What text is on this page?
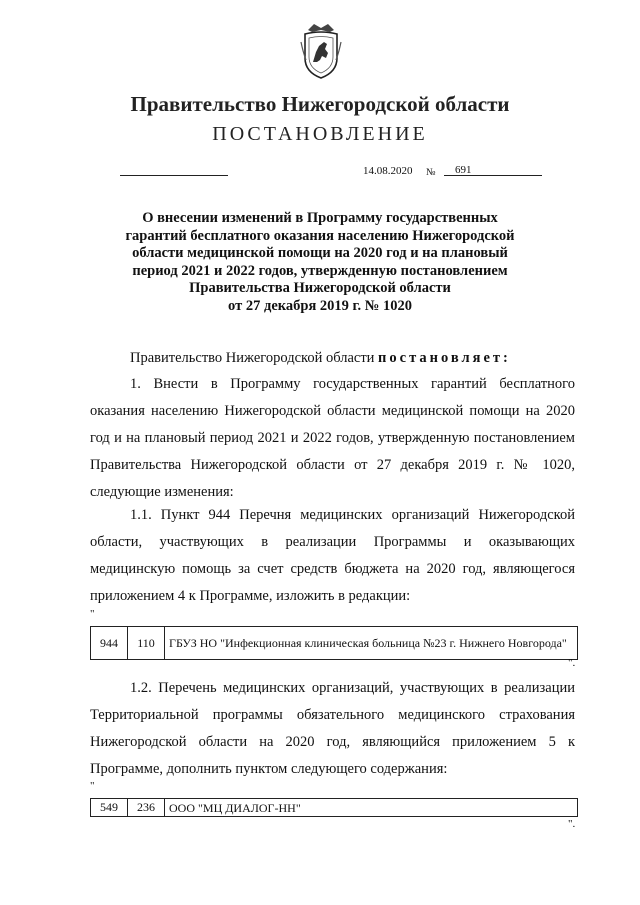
Правительство Нижегородской области
ПОСТАНОВЛЕНИЕ
14.08.2020 № 691
О внесении изменений в Программу государственных
гарантий бесплатного оказания населению Нижегородской
области медицинской помощи на 2020 год и на плановый
период 2021 и 2022 годов, утвержденную постановлением
Правительства Нижегородской области
от 27 декабря 2019 г. № 1020
Правительство Нижегородской области постановляет:
1. Внести в Программу государственных гарантий бесплатного оказания населению Нижегородской области медицинской помощи на 2020 год и на плановый период 2021 и 2022 годов, утвержденную постановлением Правительства Нижегородской области от 27 декабря 2019 г. № 1020, следующие изменения:
1.1. Пункт 944 Перечня медицинских организаций Нижегородской области, участвующих в реализации Программы и оказывающих медицинскую помощь за счет средств бюджета на 2020 год, являющегося приложением 4 к Программе, изложить в редакции:
"
944	110	ГБУЗ НО "Инфекционная клиническая больница №23 г. Нижнего Новгорода"
".
1.2. Перечень медицинских организаций, участвующих в реализации Территориальной программы обязательного медицинского страхования Нижегородской области на 2020 год, являющийся приложением 5 к Программе, дополнить пунктом следующего содержания:
"
549	236	ООО "МЦ ДИАЛОГ-НН"
".
